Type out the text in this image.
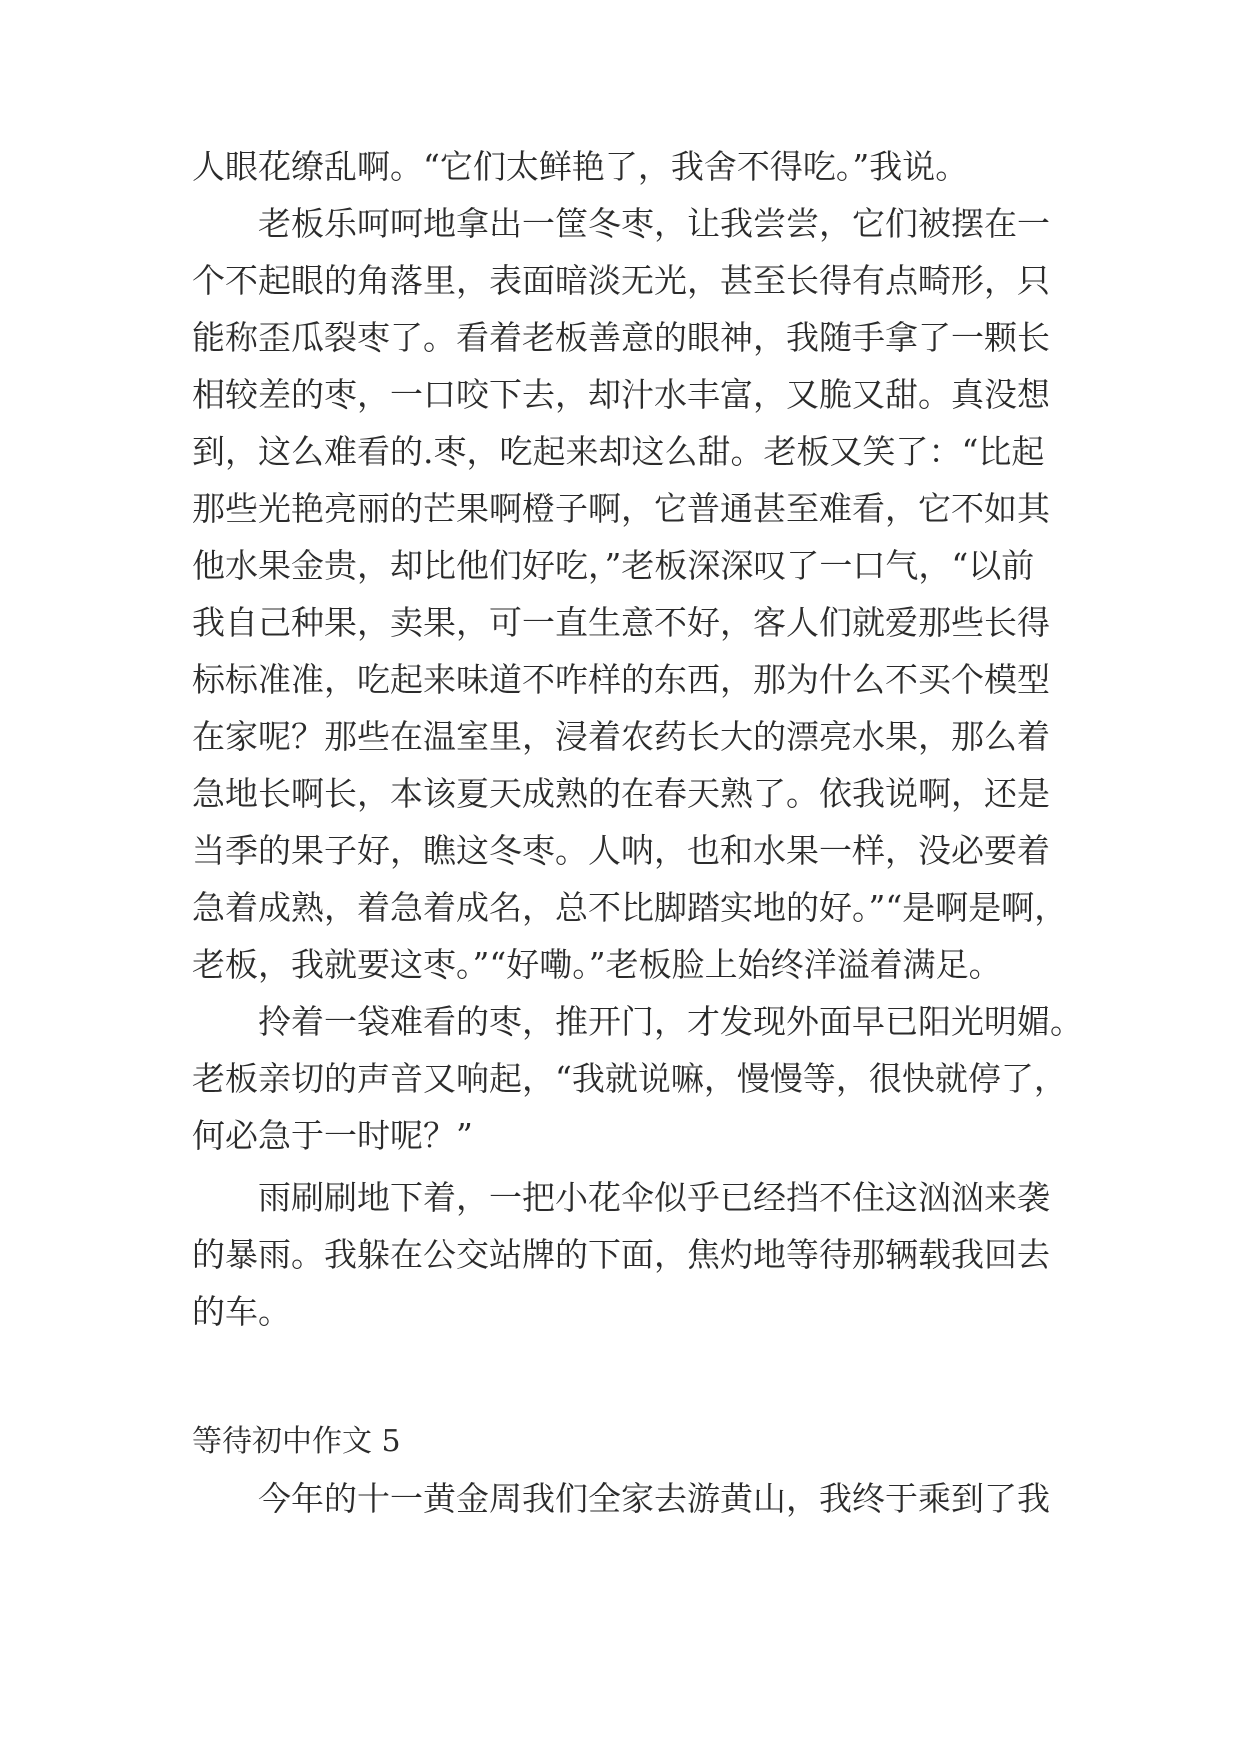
人眼花缭乱啊。“它们太鲜艳了，我舍不得吃。”我说。
老板乐呵呵地拿出一筐冬枣，让我尝尝，它们被摆在一
个不起眼的角落里，表面暗淡无光，甚至长得有点畸形，只
能称歪瓜裂枣了。看着老板善意的眼神，我随手拿了一颗长
相较差的枣，一口咬下去，却汁水丰富，又脆又甜。真没想
到，这么难看的.枣，吃起来却这么甜。老板又笑了：“比起
那些光艳亮丽的芒果啊橙子啊，它普通甚至难看，它不如其
他水果金贵，却比他们好吃，”老板深深叹了一口气，“以前
我自己种果，卖果，可一直生意不好，客人们就爱那些长得
标标准准，吃起来味道不咋样的东西，那为什么不买个模型
在家呢？那些在温室里，浸着农药长大的漂亮水果，那么着
急地长啊长，本该夏天成熟的在春天熟了。依我说啊，还是
当季的果子好，瞧这冬枣。人呐，也和水果一样，没必要着
急着成熟，着急着成名，总不比脚踏实地的好。”“是啊是啊，
老板，我就要这枣。”“好嘞。”老板脸上始终洋溢着满足。
拎着一袋难看的枣，推开门，才发现外面早已阳光明媚。
老板亲切的声音又响起，“我就说嘛，慢慢等，很快就停了，
何必急于一时呢？”
雨刷刷地下着，一把小花伞似乎已经挡不住这汹汹来袭
的暴雨。我躲在公交站牌的下面，焦灼地等待那辆载我回去
的车。
等待初中作文 5
今年的十一黄金周我们全家去游黄山，我终于乘到了我
